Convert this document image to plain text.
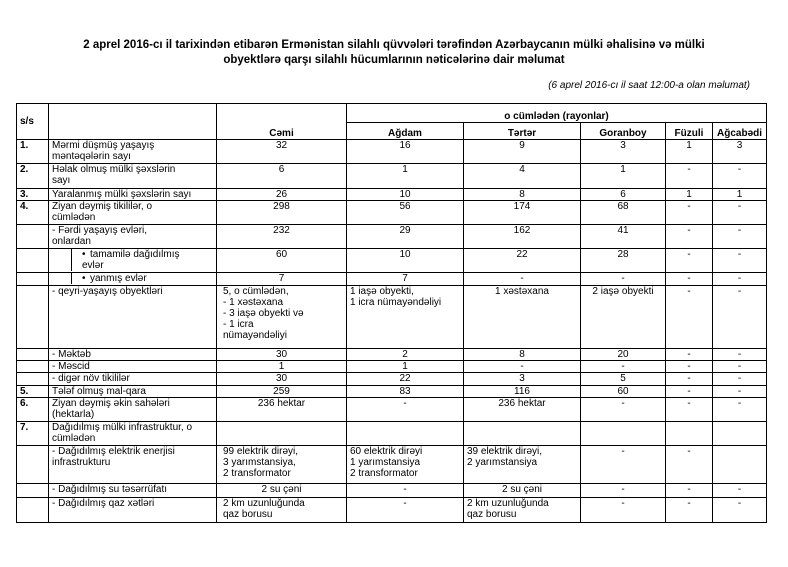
2 aprel 2016-cı il tarixindən etibarən Ermənistan silahlı qüvvələri tərəfindən Azərbaycanın mülki əhalisinə və mülki
obyektlərə qarşı silahlı hücumlarının nəticələrinə dair məlumat
(6 aprel 2016-cı il saat 12:00-a olan məlumat)
s/s		Cəmi	o cümlədən (rayonlar)				
			Ağdam	Tərtər	Goranboy	Füzuli	Ağcabədi
1.	Mərmi düşmüş yaşayış
məntəqələrin sayı	32	16	9	3	1	3
2.	Həlak olmuş mülki şəxslərin
sayı	6	1	4	1	-	-
3.	Yaralanmış mülki şəxslərin sayı	26	10	8	6	1	1
4.	Ziyan dəymiş tikililər, o
cümlədən	298	56	174	68	-	-
	- Fərdi yaşayış evləri,
onlardan	232	29	162	41	-	-

	• tamamilə dağıdılmış
evlər	60	10	22	28	-	-

	• yanmış evlər	7	7	-	-	-	-
	- qeyri-yaşayış obyektləri	5, o cümlədən,
- 1 xəstəxana
- 3 iaşə obyekti və
- 1 icra
nümayəndəliyi	1 iaşə obyekti,
1 icra nümayəndəliyi	1 xəstəxana	2 iaşə obyekti	-	-
	- Məktəb	30	2	8	20	-	-
	- Məscid	1	1	-	-	-	-
	- digər növ tikililər	30	22	3	5	-	-
5.	Tələf olmuş mal-qara	259	83	116	60	-	-
6.	Ziyan dəymiş əkin sahələri
(hektarla)	236 hektar	-	236 hektar	-	-	-
7.	Dağıdılmış mülki infrastruktur, o
cümlədən						
	- Dağıdılmış elektrik enerjisi
infrastrukturu	99 elektrik dirəyi,
3 yarımstansiya,
2 transformator	60 elektrik dirəyi
1 yarımstansiya
2 transformator	39 elektrik dirəyi,
2 yarımstansiya	-	-	
	- Dağıdılmış su təsərrüfatı	2 su çəni	-	2 su çəni	-	-	-
	- Dağıdılmış qaz xətləri	2 km uzunluğunda
qaz borusu	-	2 km uzunluğunda
qaz borusu	-	-	-
